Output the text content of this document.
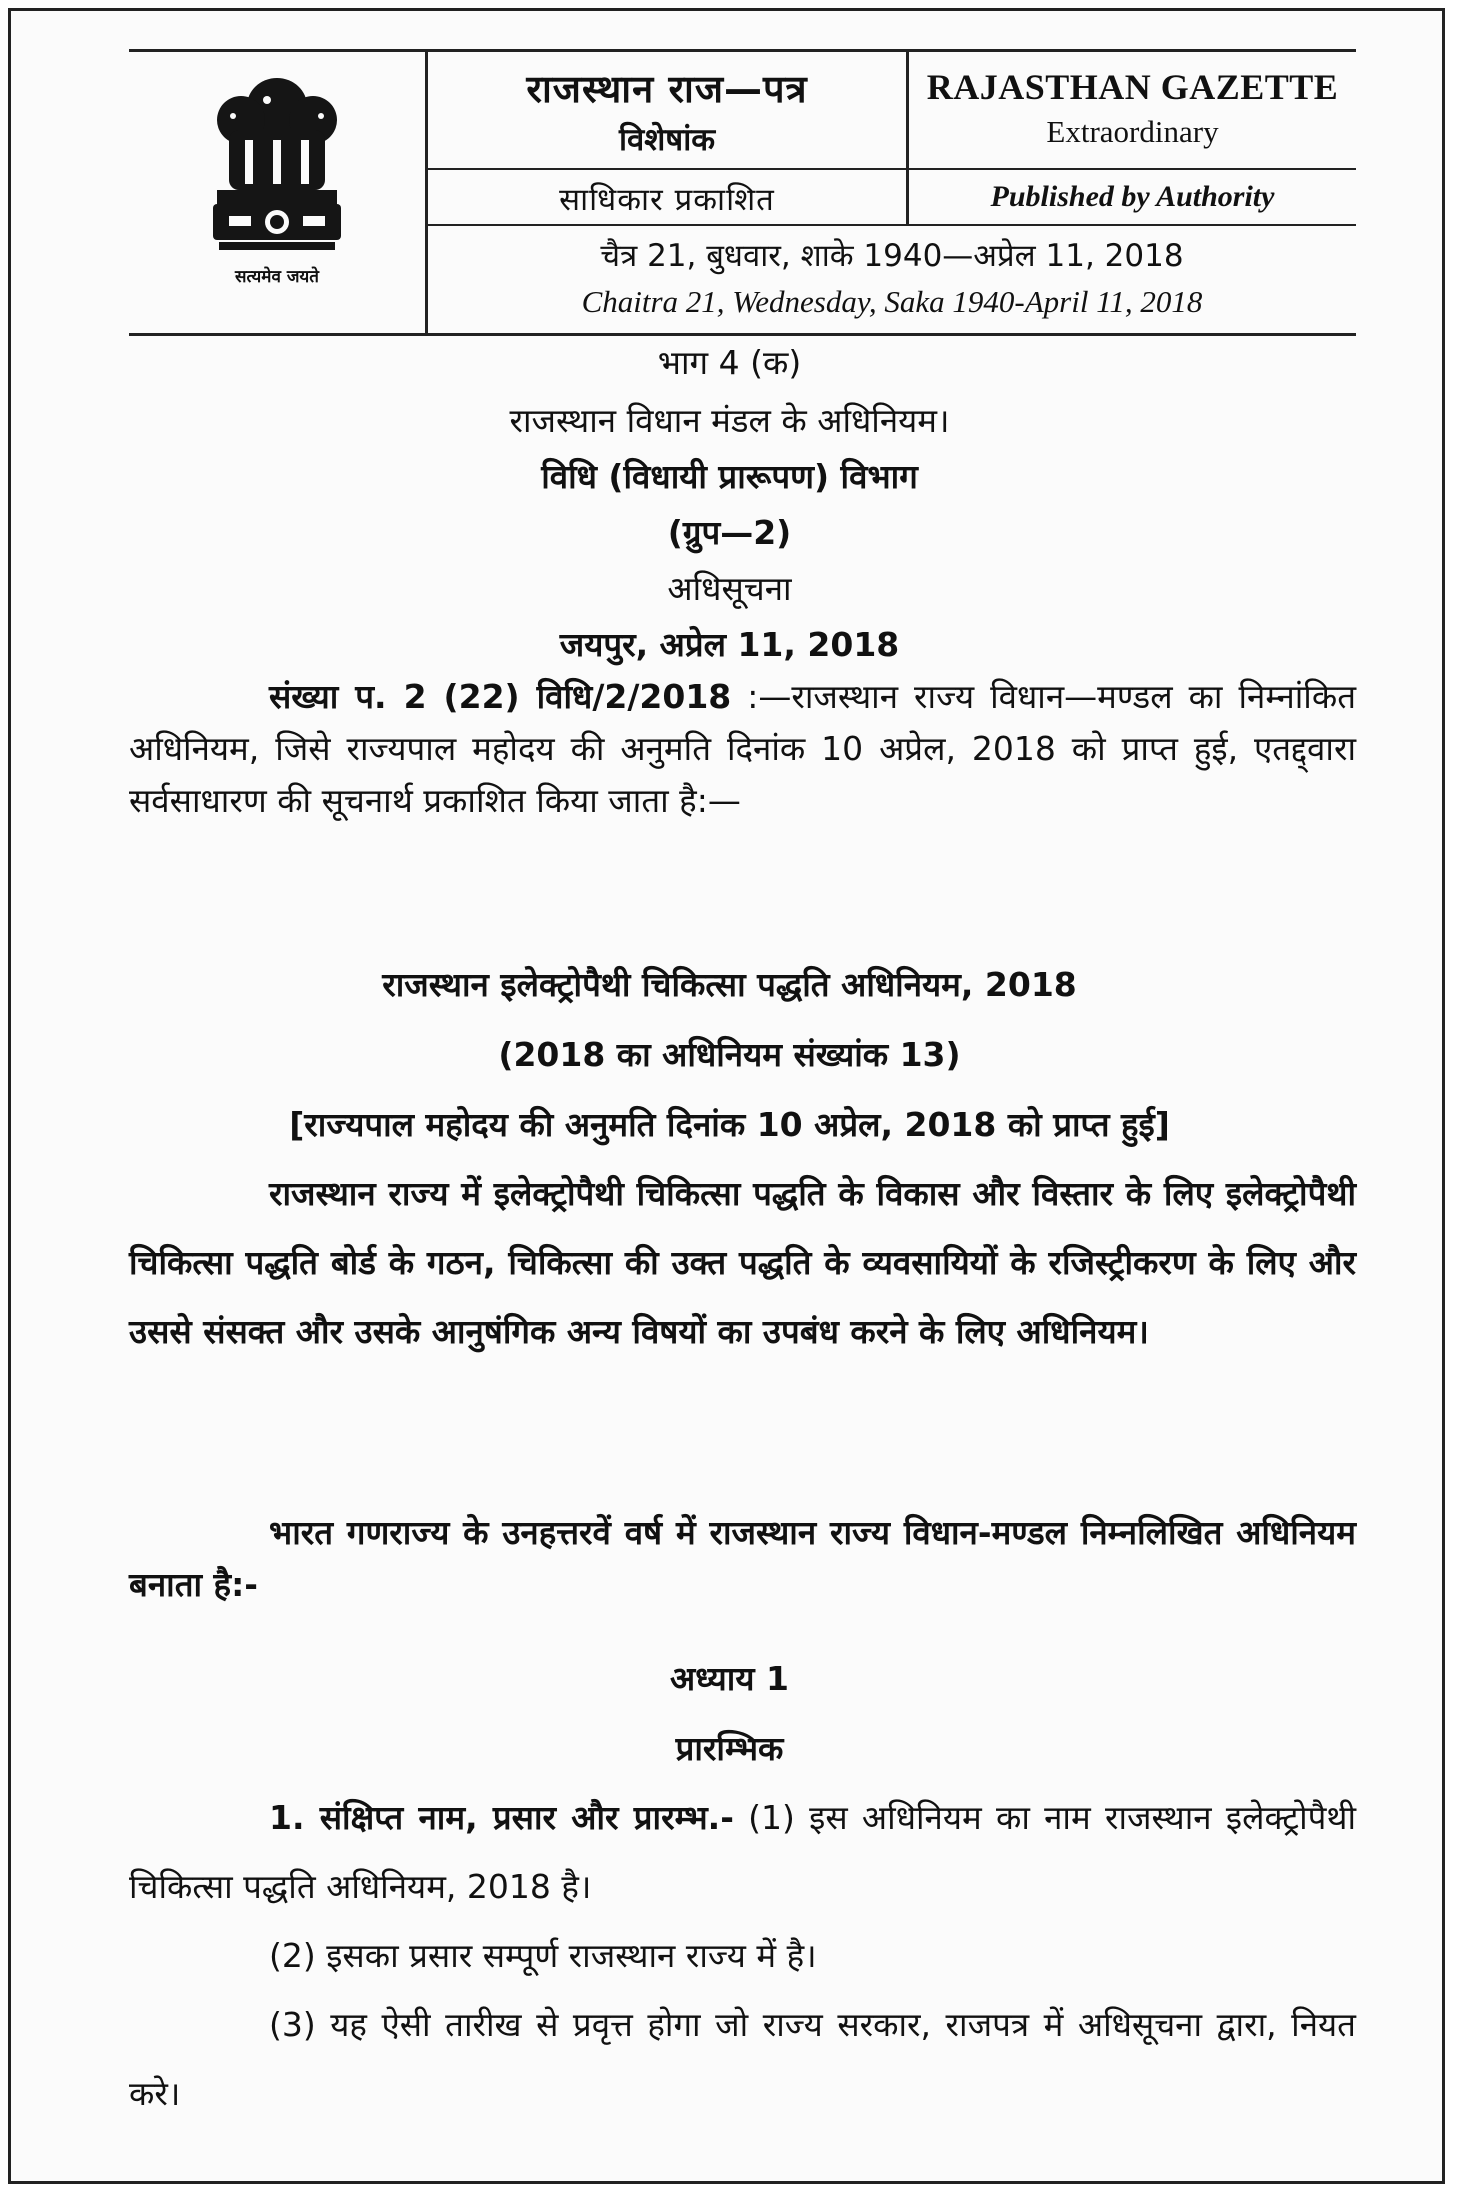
सत्यमेव जयते
राजस्थान राज—पत्र
विशेषांक
RAJASTHAN GAZETTE
Extraordinary
साधिकार प्रकाशित	Published by Authority
चैत्र 21, बुधवार, शाके 1940—अप्रेल 11, 2018
Chaitra 21, Wednesday, Saka 1940-April 11, 2018
भाग 4 (क)
राजस्थान विधान मंडल के अधिनियम।
विधि (विधायी प्रारूपण) विभाग
(ग्रुप—2)
अधिसूचना
जयपुर, अप्रेल 11, 2018
संख्या प. 2 (22) विधि/2/2018 :—राजस्थान राज्य विधान—मण्डल का निम्नांकित अधिनियम, जिसे राज्यपाल महोदय की अनुमति दिनांक 10 अप्रेल, 2018 को प्राप्त हुई, एतद्द्वारा सर्वसाधारण की सूचनार्थ प्रकाशित किया जाता है:—
राजस्थान इलेक्ट्रोपैथी चिकित्सा पद्धति अधिनियम, 2018
(2018 का अधिनियम संख्यांक 13)
[राज्यपाल महोदय की अनुमति दिनांक 10 अप्रेल, 2018 को प्राप्त हुई]
राजस्थान राज्य में इलेक्ट्रोपैथी चिकित्सा पद्धति के विकास और विस्तार के लिए इलेक्ट्रोपैथी चिकित्सा पद्धति बोर्ड के गठन, चिकित्सा की उक्त पद्धति के व्यवसायियों के रजिस्ट्रीकरण के लिए और उससे संसक्त और उसके आनुषंगिक अन्य विषयों का उपबंध करने के लिए अधिनियम।
भारत गणराज्य के उनहत्तरवें वर्ष में राजस्थान राज्य विधान-मण्डल निम्नलिखित अधिनियम बनाता है:-
अध्याय 1
प्रारम्भिक
1. संक्षिप्त नाम, प्रसार और प्रारम्भ.- (1) इस अधिनियम का नाम राजस्थान इलेक्ट्रोपैथी चिकित्सा पद्धति अधिनियम, 2018 है।
(2) इसका प्रसार सम्पूर्ण राजस्थान राज्य में है।
(3) यह ऐसी तारीख से प्रवृत्त होगा जो राज्य सरकार, राजपत्र में अधिसूचना द्वारा, नियत करे।
